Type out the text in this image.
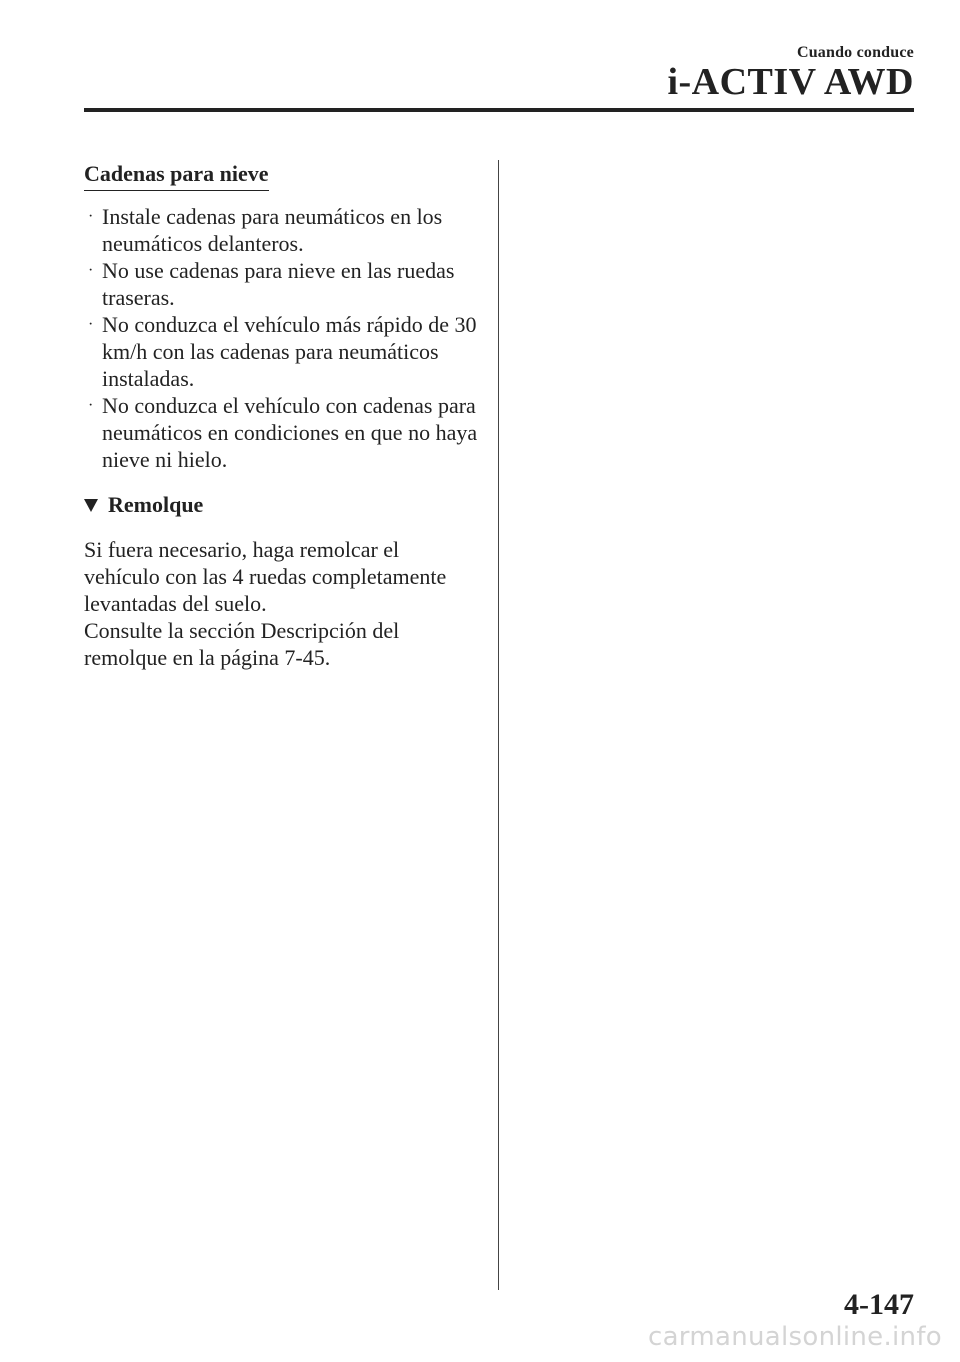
Cuando conduce
i-ACTIV AWD
Cadenas para nieve
· Instale cadenas para neumáticos en los neumáticos delanteros.
· No use cadenas para nieve en las ruedas traseras.
· No conduzca el vehículo más rápido de 30 km/h con las cadenas para neumáticos instaladas.
· No conduzca el vehículo con cadenas para neumáticos en condiciones en que no haya nieve ni hielo.
Remolque
Si fuera necesario, haga remolcar el
vehículo con las 4 ruedas completamente
levantadas del suelo.
Consulte la sección Descripción del
remolque en la página 7-45.
4-147
carmanualsonline.info
